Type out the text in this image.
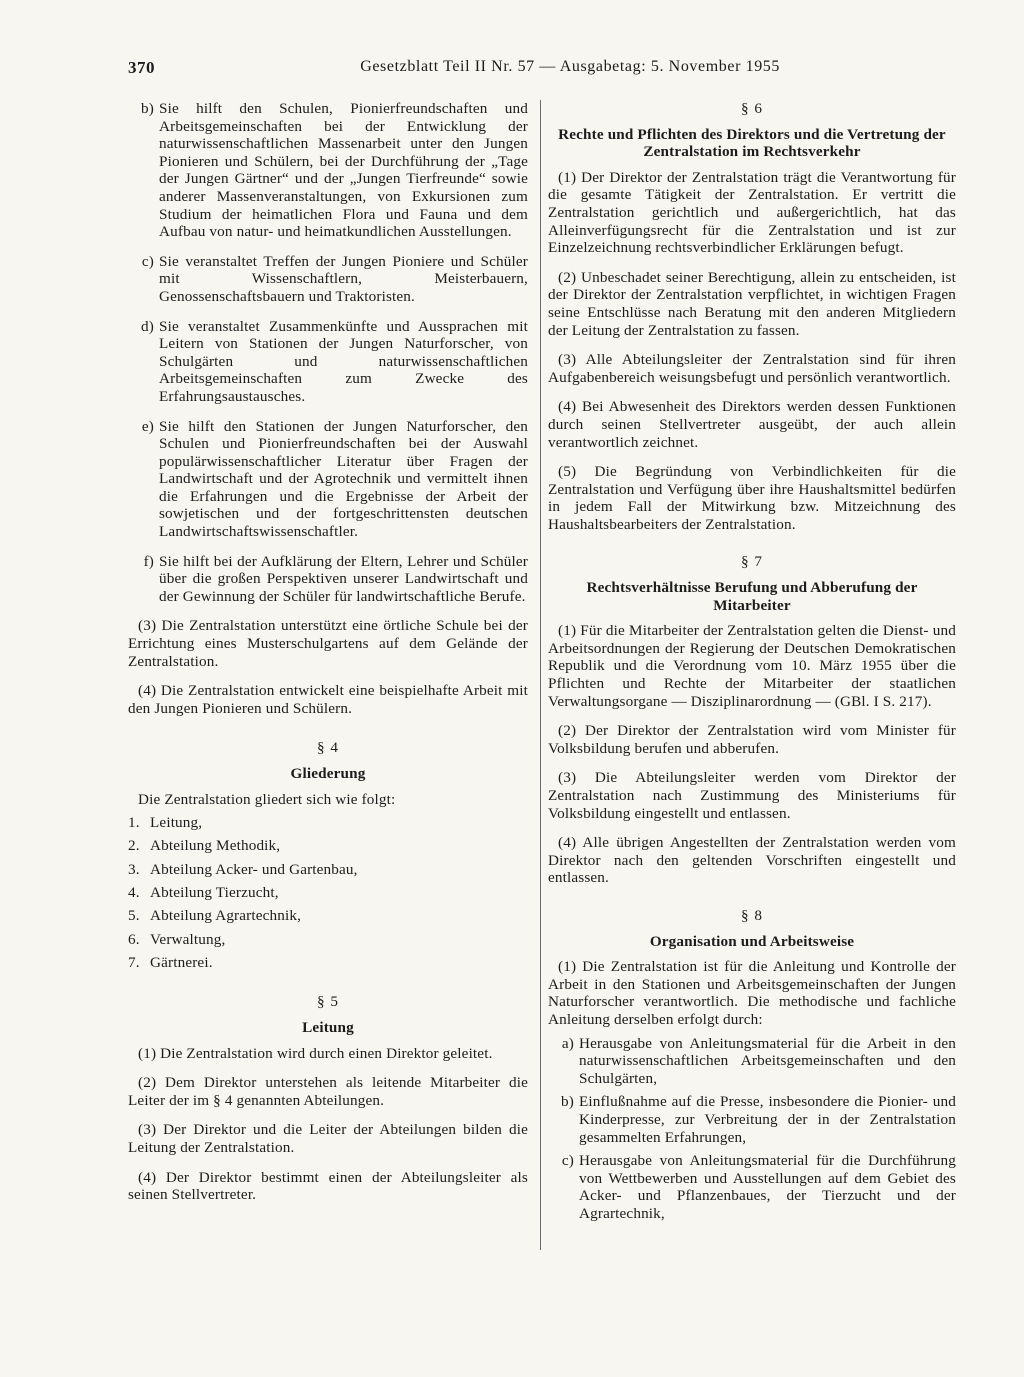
370	Gesetzblatt Teil II Nr. 57 — Ausgabetag: 5. November 1955
b) Sie hilft den Schulen, Pionierfreundschaften und Arbeitsgemeinschaften bei der Entwicklung der naturwissenschaftlichen Massenarbeit unter den Jungen Pionieren und Schülern, bei der Durchführung der „Tage der Jungen Gärtner“ und der „Jungen Tierfreunde“ sowie anderer Massenveranstaltungen, von Exkursionen zum Studium der heimatlichen Flora und Fauna und dem Aufbau von natur- und heimatkundlichen Ausstellungen.
c) Sie veranstaltet Treffen der Jungen Pioniere und Schüler mit Wissenschaftlern, Meisterbauern, Genossenschaftsbauern und Traktoristen.
d) Sie veranstaltet Zusammenkünfte und Aussprachen mit Leitern von Stationen der Jungen Naturforscher, von Schulgärten und naturwissenschaftlichen Arbeitsgemeinschaften zum Zwecke des Erfahrungsaustausches.
e) Sie hilft den Stationen der Jungen Naturforscher, den Schulen und Pionierfreundschaften bei der Auswahl populärwissenschaftlicher Literatur über Fragen der Landwirtschaft und der Agrotechnik und vermittelt ihnen die Erfahrungen und die Ergebnisse der Arbeit der sowjetischen und der fortgeschrittensten deutschen Landwirtschaftswissenschaftler.
f) Sie hilft bei der Aufklärung der Eltern, Lehrer und Schüler über die großen Perspektiven unserer Landwirtschaft und der Gewinnung der Schüler für landwirtschaftliche Berufe.

(3) Die Zentralstation unterstützt eine örtliche Schule bei der Errichtung eines Musterschulgartens auf dem Gelände der Zentralstation.

(4) Die Zentralstation entwickelt eine beispielhafte Arbeit mit den Jungen Pionieren und Schülern.

§ 4
Gliederung

Die Zentralstation gliedert sich wie folgt:

1. Leitung,
2. Abteilung Methodik,
3. Abteilung Acker- und Gartenbau,
4. Abteilung Tierzucht,
5. Abteilung Agrartechnik,
6. Verwaltung,
7. Gärtnerei.
§ 5
Leitung

(1) Die Zentralstation wird durch einen Direktor geleitet.

(2) Dem Direktor unterstehen als leitende Mitarbeiter die Leiter der im § 4 genannten Abteilungen.

(3) Der Direktor und die Leiter der Abteilungen bilden die Leitung der Zentralstation.

(4) Der Direktor bestimmt einen der Abteilungsleiter als seinen Stellvertreter.

§ 6
Rechte und Pflichten des Direktors und die Vertretung der Zentralstation im Rechtsverkehr

(1) Der Direktor der Zentralstation trägt die Verantwortung für die gesamte Tätigkeit der Zentralstation. Er vertritt die Zentralstation gerichtlich und außergerichtlich, hat das Alleinverfügungsrecht für die Zentralstation und ist zur Einzelzeichnung rechtsverbindlicher Erklärungen befugt.

(2) Unbeschadet seiner Berechtigung, allein zu entscheiden, ist der Direktor der Zentralstation verpflichtet, in wichtigen Fragen seine Entschlüsse nach Beratung mit den anderen Mitgliedern der Leitung der Zentralstation zu fassen.

(3) Alle Abteilungsleiter der Zentralstation sind für ihren Aufgabenbereich weisungsbefugt und persönlich verantwortlich.

(4) Bei Abwesenheit des Direktors werden dessen Funktionen durch seinen Stellvertreter ausgeübt, der auch allein verantwortlich zeichnet.

(5) Die Begründung von Verbindlichkeiten für die Zentralstation und Verfügung über ihre Haushaltsmittel bedürfen in jedem Fall der Mitwirkung bzw. Mitzeichnung des Haushaltsbearbeiters der Zentralstation.

§ 7
Rechtsverhältnisse Berufung und Abberufung der Mitarbeiter

(1) Für die Mitarbeiter der Zentralstation gelten die Dienst- und Arbeitsordnungen der Regierung der Deutschen Demokratischen Republik und die Verordnung vom 10. März 1955 über die Pflichten und Rechte der Mitarbeiter der staatlichen Verwaltungsorgane — Disziplinarordnung — (GBl. I S. 217).

(2) Der Direktor der Zentralstation wird vom Minister für Volksbildung berufen und abberufen.

(3) Die Abteilungsleiter werden vom Direktor der Zentralstation nach Zustimmung des Ministeriums für Volksbildung eingestellt und entlassen.

(4) Alle übrigen Angestellten der Zentralstation werden vom Direktor nach den geltenden Vorschriften eingestellt und entlassen.

§ 8
Organisation und Arbeitsweise

(1) Die Zentralstation ist für die Anleitung und Kontrolle der Arbeit in den Stationen und Arbeitsgemeinschaften der Jungen Naturforscher verantwortlich. Die methodische und fachliche Anleitung derselben erfolgt durch:

a) Herausgabe von Anleitungsmaterial für die Arbeit in den naturwissenschaftlichen Arbeitsgemeinschaften und den Schulgärten,
b) Einflußnahme auf die Presse, insbesondere die Pionier- und Kinderpresse, zur Verbreitung der in der Zentralstation gesammelten Erfahrungen,
c) Herausgabe von Anleitungsmaterial für die Durchführung von Wettbewerben und Ausstellungen auf dem Gebiet des Acker- und Pflanzenbaues, der Tierzucht und der Agrartechnik,
